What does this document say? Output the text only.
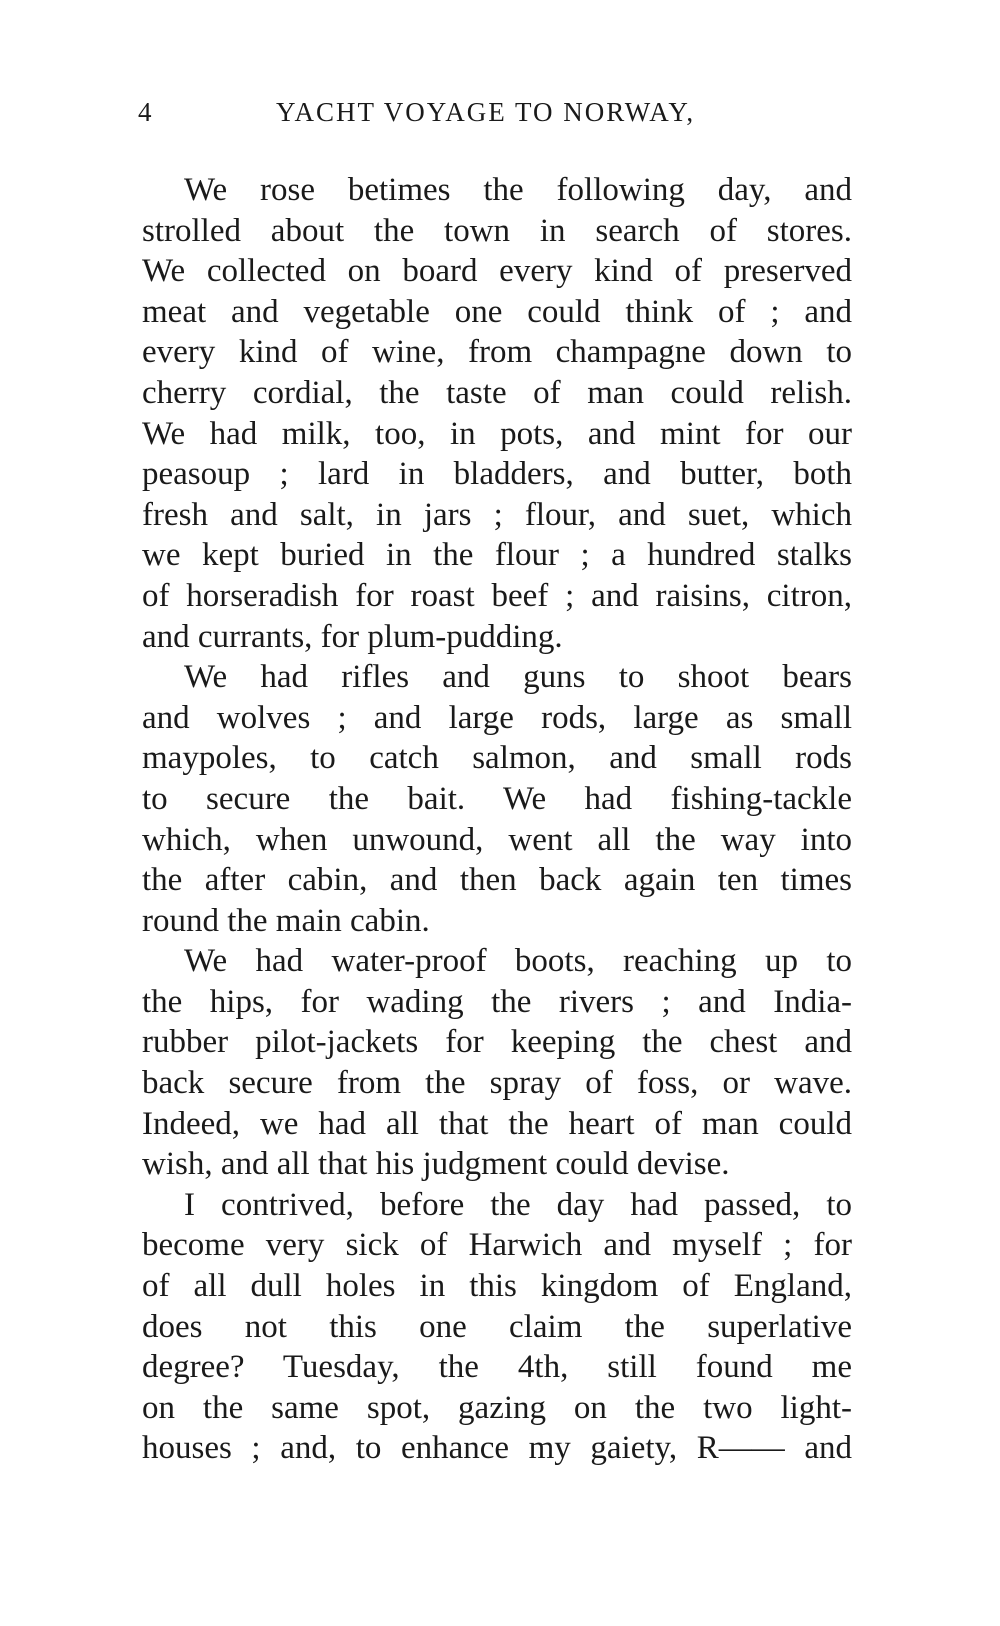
4	YACHT VOYAGE TO NORWAY,

We rose betimes the following day, and
strolled about the town in search of stores.
We collected on board every kind of preserved
meat and vegetable one could think of ; and
every kind of wine, from champagne down to
cherry cordial, the taste of man could relish.
We had milk, too, in pots, and mint for our
peasoup ; lard in bladders, and butter, both
fresh and salt, in jars ; flour, and suet, which
we kept buried in the flour ; a hundred stalks
of horseradish for roast beef ; and raisins, citron,
and currants, for plum-pudding.

We had rifles and guns to shoot bears
and wolves ; and large rods, large as small
maypoles, to catch salmon, and small rods
to secure the bait. We had fishing-tackle
which, when unwound, went all the way into
the after cabin, and then back again ten times
round the main cabin.

We had water-proof boots, reaching up to
the hips, for wading the rivers ; and India-
rubber pilot-jackets for keeping the chest and
back secure from the spray of foss, or wave.
Indeed, we had all that the heart of man could
wish, and all that his judgment could devise.

I contrived, before the day had passed, to
become very sick of Harwich and myself ; for
of all dull holes in this kingdom of England,
does not this one claim the superlative
degree? Tuesday, the 4th, still found me
on the same spot, gazing on the two light-
houses ; and, to enhance my gaiety, R—— and
